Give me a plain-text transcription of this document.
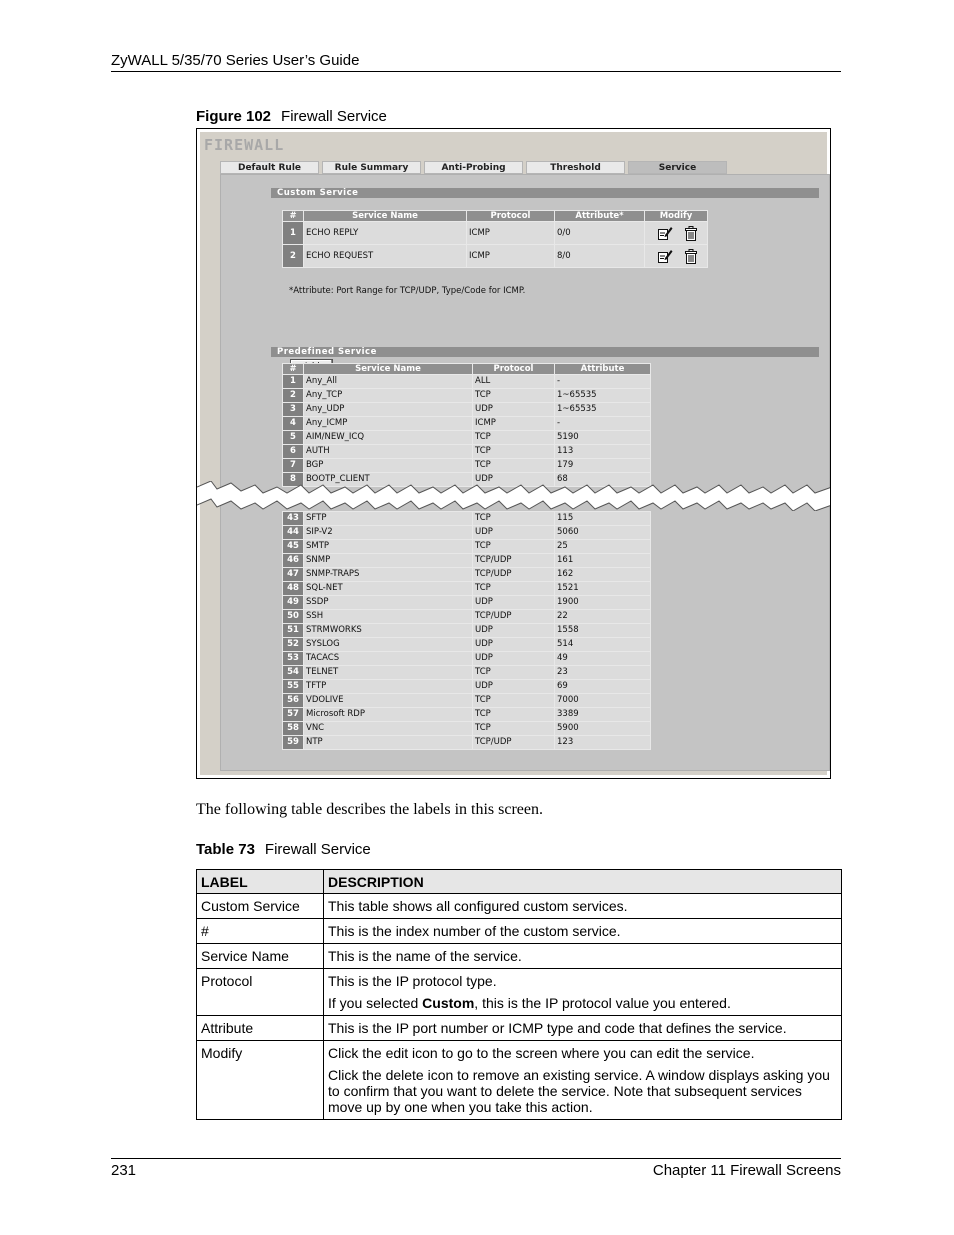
ZyWALL 5/35/70 Series User’s Guide
Figure 102 Firewall Service
FIREWALL
Default Rule	Rule Summary	Anti-Probing	Threshold	Service
Custom Service
#	Service Name	Protocol	Attribute*	Modify
1	ECHO REPLY	ICMP	0/0	
2	ECHO REQUEST	ICMP	8/0	
*Attribute: Port Range for TCP/UDP, Type/Code for ICMP.
Predefined Service
#	Service Name	Protocol	Attribute
1	Any_All	ALL	-
2	Any_TCP	TCP	1~65535
3	Any_UDP	UDP	1~65535
4	Any_ICMP	ICMP	-
5	AIM/NEW_ICQ	TCP	5190
6	AUTH	TCP	113
7	BGP	TCP	179
8	BOOTP_CLIENT	UDP	68
43	SFTP	TCP	115
44	SIP-V2	UDP	5060
45	SMTP	TCP	25
46	SNMP	TCP/UDP	161
47	SNMP-TRAPS	TCP/UDP	162
48	SQL-NET	TCP	1521
49	SSDP	UDP	1900
50	SSH	TCP/UDP	22
51	STRMWORKS	UDP	1558
52	SYSLOG	UDP	514
53	TACACS	UDP	49
54	TELNET	TCP	23
55	TFTP	UDP	69
56	VDOLIVE	TCP	7000
57	Microsoft RDP	TCP	3389
58	VNC	TCP	5900
59	NTP	TCP/UDP	123
The following table describes the labels in this screen.
Table 73 Firewall Service
LABEL	DESCRIPTION
Custom Service	This table shows all configured custom services.

#	This is the index number of the custom service.

Service Name	This is the name of the service.

Protocol	This is the IP protocol type.

If you selected Custom, this is the IP protocol value you entered.

Attribute	This is the IP port number or ICMP type and code that defines the service.

Modify	Click the edit icon to go to the screen where you can edit the service.

Click the delete icon to remove an existing service. A window displays asking you to confirm that you want to delete the service. Note that subsequent services move up by one when you take this action.

231	Chapter 11 Firewall Screens
